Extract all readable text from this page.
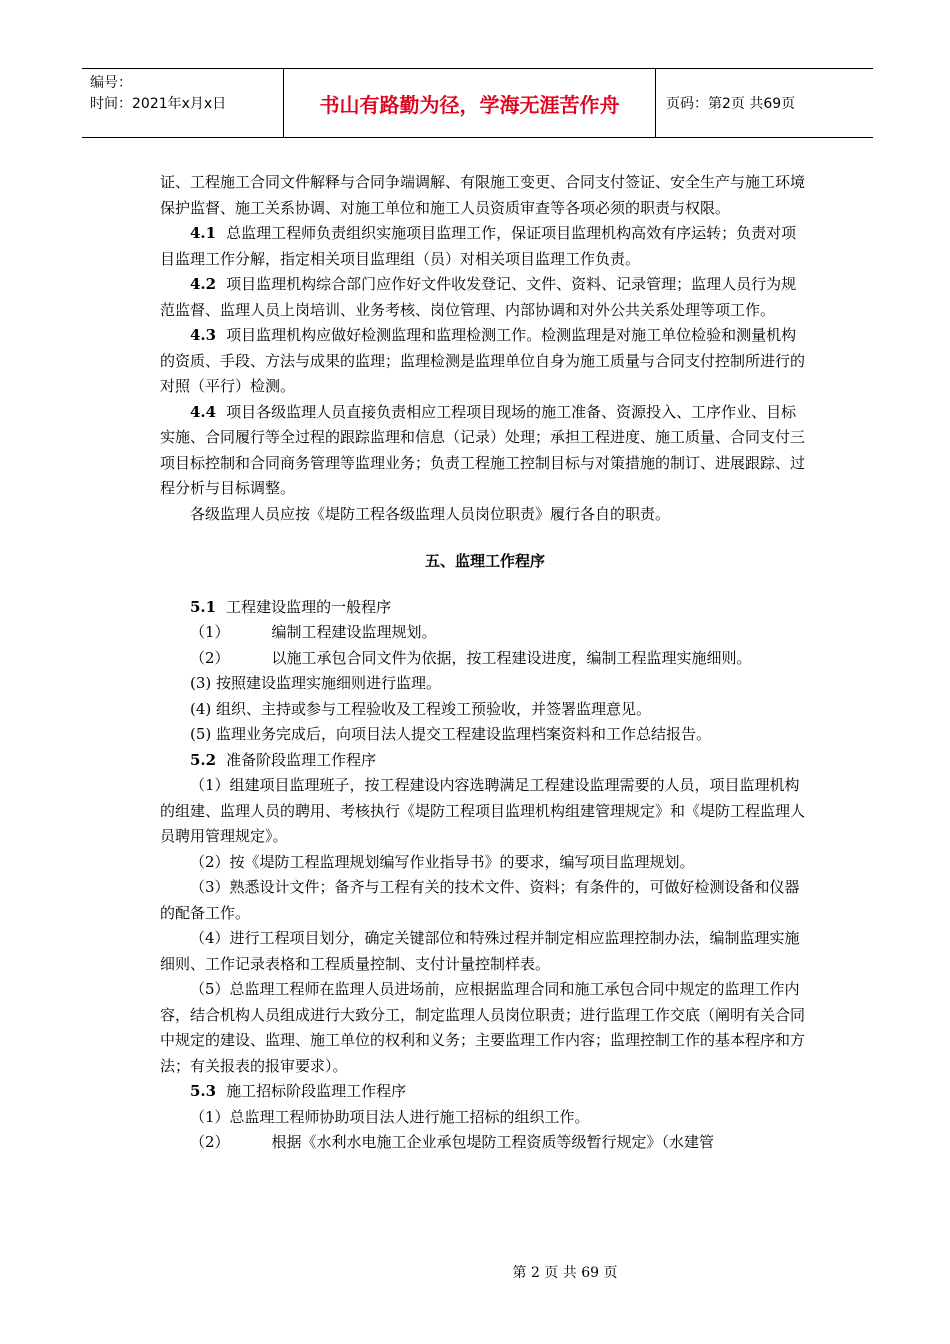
编号：
时间：2021年x月x日	书山有路勤为径，学海无涯苦作舟	页码：第2页 共69页

证、工程施工合同文件解释与合同争端调解、有限施工变更、合同支付签证、安全生产与施工环境保护监督、施工关系协调、对施工单位和施工人员资质审查等各项必须的职责与权限。

4.1 总监理工程师负责组织实施项目监理工作，保证项目监理机构高效有序运转；负责对项目监理工作分解，指定相关项目监理组（员）对相关项目监理工作负责。

4.2 项目监理机构综合部门应作好文件收发登记、文件、资料、记录管理；监理人员行为规范监督、监理人员上岗培训、业务考核、岗位管理、内部协调和对外公共关系处理等项工作。

4.3 项目监理机构应做好检测监理和监理检测工作。检测监理是对施工单位检验和测量机构的资质、手段、方法与成果的监理；监理检测是监理单位自身为施工质量与合同支付控制所进行的对照（平行）检测。

4.4 项目各级监理人员直接负责相应工程项目现场的施工准备、资源投入、工序作业、目标实施、合同履行等全过程的跟踪监理和信息（记录）处理；承担工程进度、施工质量、合同支付三项目标控制和合同商务管理等监理业务；负责工程施工控制目标与对策措施的制订、进展跟踪、过程分析与目标调整。

各级监理人员应按《堤防工程各级监理人员岗位职责》履行各自的职责。

五、监理工作程序

5.1 工程建设监理的一般程序

（1）	编制工程建设监理规划。

（2）	以施工承包合同文件为依据，按工程建设进度，编制工程监理实施细则。

(3) 按照建设监理实施细则进行监理。

(4) 组织、主持或参与工程验收及工程竣工预验收，并签署监理意见。

(5) 监理业务完成后，向项目法人提交工程建设监理档案资料和工作总结报告。

5.2 准备阶段监理工作程序

（1）组建项目监理班子，按工程建设内容选聘满足工程建设监理需要的人员，项目监理机构的组建、监理人员的聘用、考核执行《堤防工程项目监理机构组建管理规定》和《堤防工程监理人员聘用管理规定》。

（2）按《堤防工程监理规划编写作业指导书》的要求，编写项目监理规划。

（3）熟悉设计文件；备齐与工程有关的技术文件、资料；有条件的，可做好检测设备和仪器的配备工作。

（4）进行工程项目划分，确定关键部位和特殊过程并制定相应监理控制办法，编制监理实施细则、工作记录表格和工程质量控制、支付计量控制样表。

（5）总监理工程师在监理人员进场前，应根据监理合同和施工承包合同中规定的监理工作内容，结合机构人员组成进行大致分工，制定监理人员岗位职责；进行监理工作交底（阐明有关合同中规定的建设、监理、施工单位的权利和义务；主要监理工作内容；监理控制工作的基本程序和方法；有关报表的报审要求）。

5.3 施工招标阶段监理工作程序

（1）总监理工程师协助项目法人进行施工招标的组织工作。

（2）	根据《水利水电施工企业承包堤防工程资质等级暂行规定》（水建管

第 2 页 共 69 页
